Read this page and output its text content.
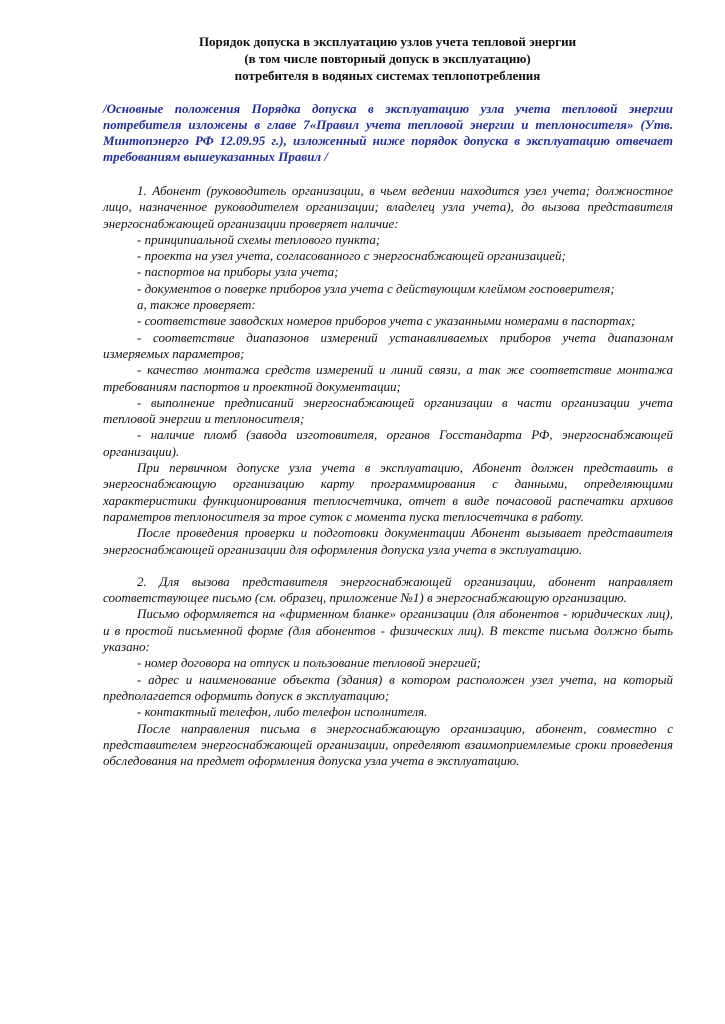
Порядок допуска в эксплуатацию узлов учета тепловой энергии
(в том числе повторный допуск в эксплуатацию)
потребителя в водяных системах теплопотребления
/Основные положения Порядка допуска в эксплуатацию узла учета тепловой энергии потребителя изложены в главе 7«Правил учета тепловой энергии и теплоносителя» (Утв. Минтопэнерго РФ 12.09.95 г.), изложенный ниже порядок допуска в эксплуатацию отвечает требованиям вышеуказанных Правил /

1. Абонент (руководитель организации, в чьем ведении находится узел учета; должностное лицо, назначенное руководителем организации; владелец узла учета), до вызова представителя энергоснабжающей организации проверяет наличие:

- принципиальной схемы теплового пункта;

- проекта на узел учета, согласованного с энергоснабжающей организацией;

- паспортов на приборы узла учета;

- документов о поверке приборов узла учета с действующим клеймом госповерителя;

а, также проверяет:

- соответствие заводских номеров приборов учета с указанными номерами в паспортах;

- соответствие диапазонов измерений устанавливаемых приборов учета диапазонам измеряемых параметров;

- качество монтажа средств измерений и линий связи, а так же соответствие монтажа требованиям паспортов и проектной документации;

- выполнение предписаний энергоснабжающей организации в части организации учета тепловой энергии и теплоносителя;

- наличие пломб (завода изготовителя, органов Госстандарта РФ, энергоснабжающей организации).

При первичном допуске узла учета в эксплуатацию, Абонент должен представить в энергоснабжающую организацию карту программирования с данными, определяющими характеристики функционирования теплосчетчика, отчет в виде почасовой распечатки архивов параметров теплоносителя за трое суток с момента пуска теплосчетчика в работу.

После проведения проверки и подготовки документации Абонент вызывает представителя энергоснабжающей организации для оформления допуска узла учета в эксплуатацию.

2. Для вызова представителя энергоснабжающей организации, абонент направляет соответствующее письмо (см. образец, приложение №1) в энергоснабжающую организацию.

Письмо оформляется на «фирменном бланке» организации (для абонентов - юридических лиц), и в простой письменной форме (для абонентов - физических лиц). В тексте письма должно быть указано:

- номер договора на отпуск и пользование тепловой энергией;

- адрес и наименование объекта (здания) в котором расположен узел учета, на который предполагается оформить допуск в эксплуатацию;

- контактный телефон, либо телефон исполнителя.

После направления письма в энергоснабжающую организацию, абонент, совместно с представителем энергоснабжающей организации, определяют взаимоприемлемые сроки проведения обследования на предмет оформления допуска узла учета в эксплуатацию.
